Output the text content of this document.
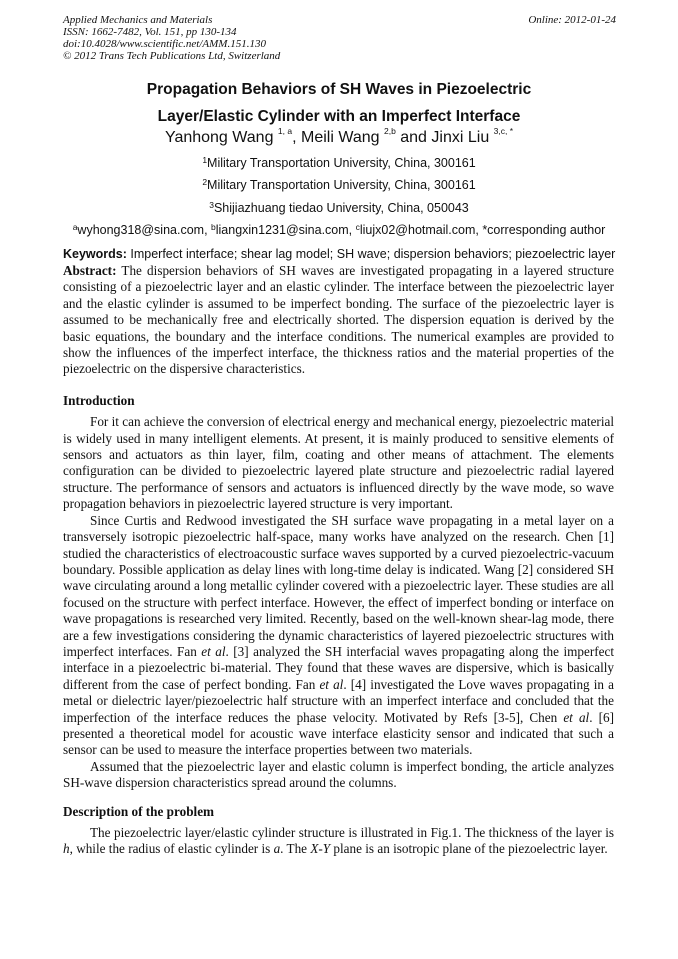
Applied Mechanics and Materials
ISSN: 1662-7482, Vol. 151, pp 130-134
doi:10.4028/www.scientific.net/AMM.151.130
© 2012 Trans Tech Publications Ltd, Switzerland
Online: 2012-01-24
Propagation Behaviors of SH Waves in Piezoelectric
Layer/Elastic Cylinder with an Imperfect Interface
Yanhong Wang $^{1, a}$, Meili Wang $^{2,b}$ and Jinxi Liu $^{3,c, *}$
$^1$Military Transportation University, China, 300161
$^2$Military Transportation University, China, 300161
$^3$Shijiazhuang tiedao University, China, 050043
$^a$wyhong318@sina.com, $^b$liangxin1231@sina.com, $^c$liujx02@hotmail.com, *corresponding author
Keywords: Imperfect interface; shear lag model; SH wave; dispersion behaviors; piezoelectric layer

Abstract: The dispersion behaviors of SH waves are investigated propagating in a layered structure consisting of a piezoelectric layer and an elastic cylinder. The interface between the piezoelectric layer and the elastic cylinder is assumed to be imperfect bonding. The surface of the piezoelectric layer is assumed to be mechanically free and electrically shorted. The dispersion equation is derived by the basic equations, the boundary and the interface conditions. The numerical examples are provided to show the influences of the imperfect interface, the thickness ratios and the material properties of the piezoelectric on the dispersive characteristics.

Introduction

For it can achieve the conversion of electrical energy and mechanical energy, piezoelectric material is widely used in many intelligent elements. At present, it is mainly produced to sensitive elements of sensors and actuators as thin layer, film, coating and other means of attachment. The elements configuration can be divided to piezoelectric layered plate structure and piezoelectric radial layered structure. The performance of sensors and actuators is influenced directly by the wave mode, so wave propagation behaviors in piezoelectric layered structure is very important.

Since Curtis and Redwood investigated the SH surface wave propagating in a metal layer on a transversely isotropic piezoelectric half-space, many works have analyzed on the research. Chen [1] studied the characteristics of electroacoustic surface waves supported by a curved piezoelectric-vacuum boundary. Possible application as delay lines with long-time delay is indicated. Wang [2] considered SH wave circulating around a long metallic cylinder covered with a piezoelectric layer. These studies are all focused on the structure with perfect interface. However, the effect of imperfect bonding or interface on wave propagations is researched very limited. Recently, based on the well-known shear-lag mode, there are a few investigations considering the dynamic characteristics of layered piezoelectric structures with imperfect interfaces. Fan et al. [3] analyzed the SH interfacial waves propagating along the imperfect interface in a piezoelectric bi-material. They found that these waves are dispersive, which is basically different from the case of perfect bonding. Fan et al. [4] investigated the Love waves propagating in a metal or dielectric layer/piezoelectric half structure with an imperfect interface and concluded that the imperfection of the interface reduces the phase velocity. Motivated by Refs [3-5], Chen et al. [6] presented a theoretical model for acoustic wave interface elasticity sensor and indicated that such a sensor can be used to measure the interface properties between two materials.

Assumed that the piezoelectric layer and elastic column is imperfect bonding, the article analyzes SH-wave dispersion characteristics spread around the columns.

Description of the problem

The piezoelectric layer/elastic cylinder structure is illustrated in Fig.1. The thickness of the layer is h, while the radius of elastic cylinder is a. The X-Y plane is an isotropic plane of the piezoelectric layer.
